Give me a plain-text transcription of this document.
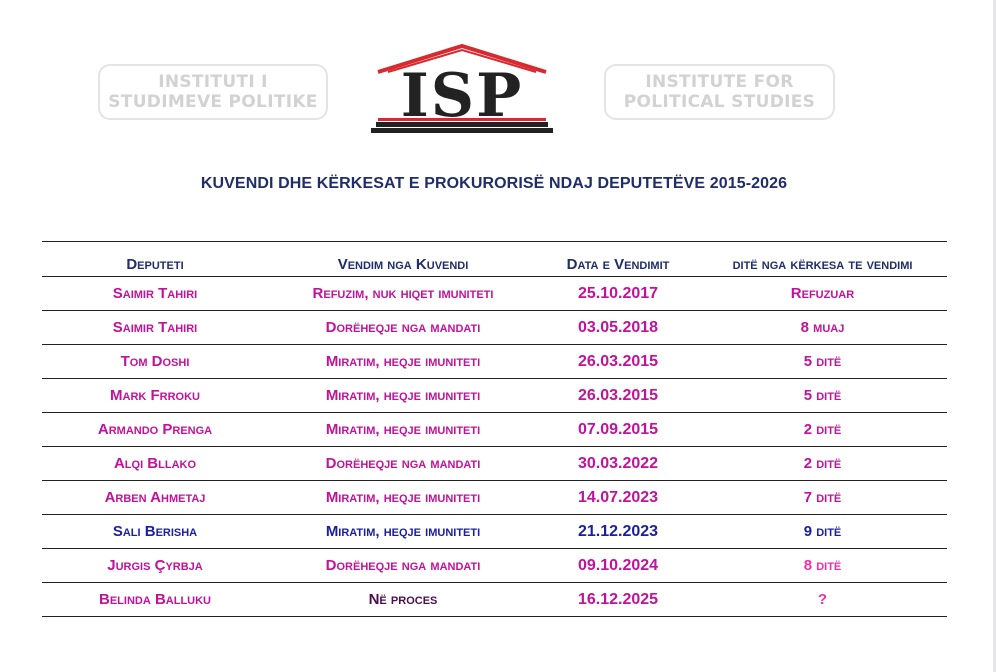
INSTITUTI I
STUDIMEVE POLITIKE ISP	INSTITUTE FOR
POLITICAL STUDIES
KUVENDI DHE KËRKESAT E PROKURORISË NDAJ DEPUTETËVE 2015-2026
Deputeti	Vendim nga Kuvendi	Data e Vendimit	ditë nga kërkesa te vendimi
Saimir Tahiri	Refuzim, nuk hiqet imuniteti	25.10.2017	Refuzuar
Saimir Tahiri	Dorëheqje nga mandati	03.05.2018	8 muaj
Tom Doshi	Miratim, heqje imuniteti	26.03.2015	5 ditë
Mark Frroku	Miratim, heqje imuniteti	26.03.2015	5 ditë
Armando Prenga	Miratim, heqje imuniteti	07.09.2015	2 ditë
Alqi Bllako	Dorëheqje nga mandati	30.03.2022	2 ditë
Arben Ahmetaj	Miratim, heqje imuniteti	14.07.2023	7 ditë
Sali Berisha	Miratim, heqje imuniteti	21.12.2023	9 ditë
Jurgis Çyrbja	Dorëheqje nga mandati	09.10.2024	8 ditë
Belinda Balluku	Në proces	16.12.2025	?
